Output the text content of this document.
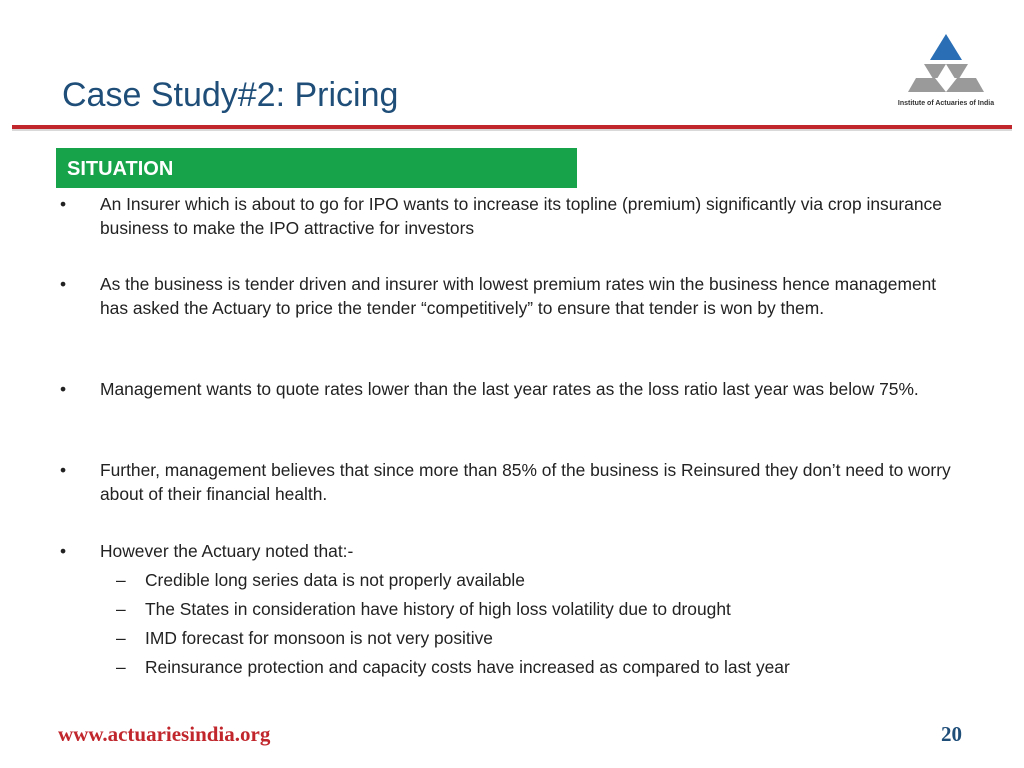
Case Study#2: Pricing	Institute of Actuaries of India
SITUATION
• An Insurer which is about to go for IPO wants to increase its topline (premium) significantly via crop insurance business to make the IPO attractive for investors
• As the business is tender driven and insurer with lowest premium rates win the business hence management has asked the Actuary to price the tender “competitively” to ensure that tender is won by them.
• Management wants to quote rates lower than the last year rates as the loss ratio last year was below 75%.
• Further, management believes that since more than 85% of the business is Reinsured they don’t need to worry about of their financial health.
• However the Actuary noted that:-
– Credible long series data is not properly available
– The States in consideration have history of high loss volatility due to drought
– IMD forecast for monsoon is not very positive
– Reinsurance protection and capacity costs have increased as compared to last year
www.actuariesindia.org	20
